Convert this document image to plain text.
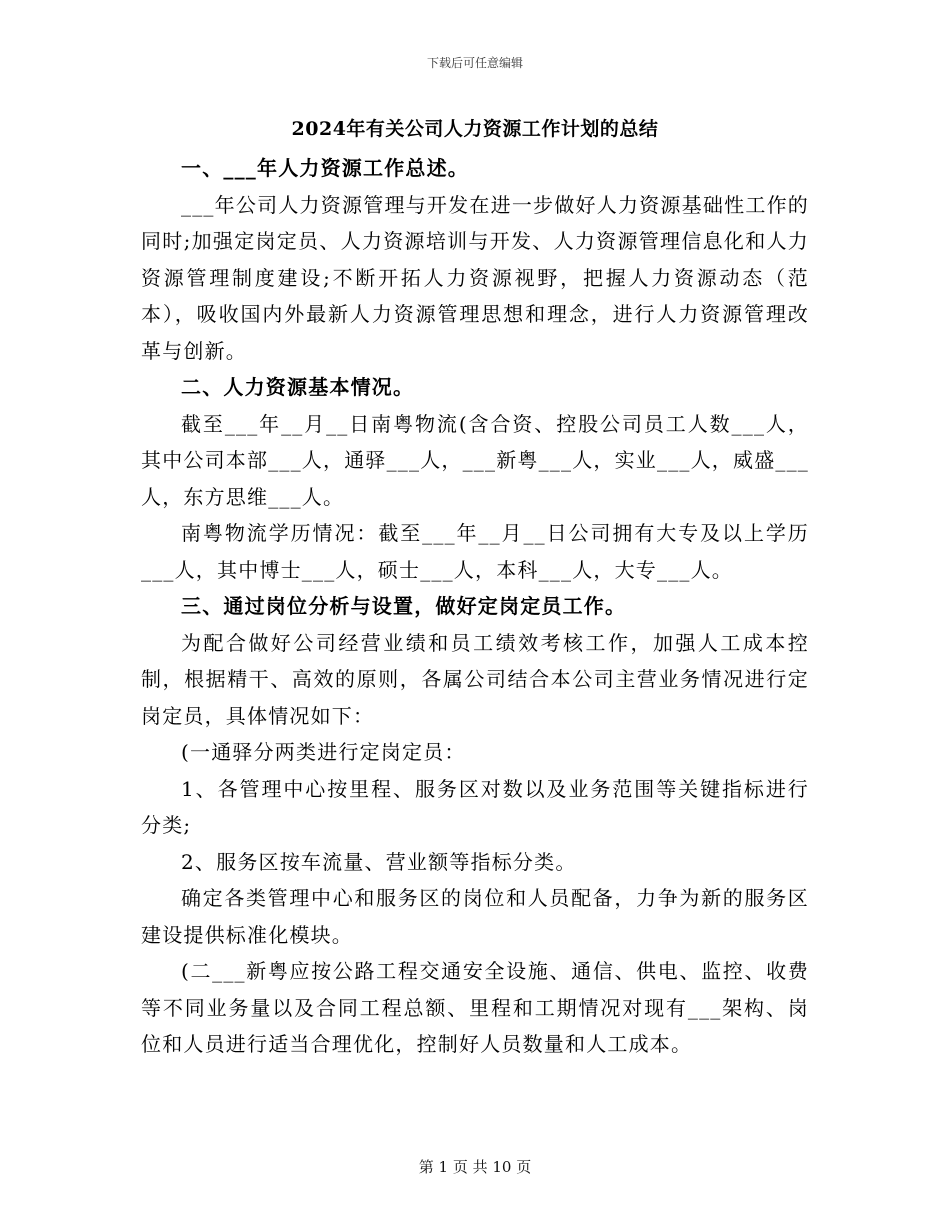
下载后可任意编辑
2024年有关公司人力资源工作计划的总结

一、___年人力资源工作总述。

___年公司人力资源管理与开发在进一步做好人力资源基础性工作的同时;加强定岗定员、人力资源培训与开发、人力资源管理信息化和人力资源管理制度建设;不断开拓人力资源视野，把握人力资源动态（范本），吸收国内外最新人力资源管理思想和理念，进行人力资源管理改革与创新。

二、人力资源基本情况。

截至___年__月__日南粤物流(含合资、控股公司员工人数___人，其中公司本部___人，通驿___人，___新粤___人，实业___人，威盛___人，东方思维___人。

南粤物流学历情况：截至___年__月__日公司拥有大专及以上学历___人，其中博士___人，硕士___人，本科___人，大专___人。

三、通过岗位分析与设置，做好定岗定员工作。

为配合做好公司经营业绩和员工绩效考核工作，加强人工成本控制，根据精干、高效的原则，各属公司结合本公司主营业务情况进行定岗定员，具体情况如下：

(一通驿分两类进行定岗定员：

1、各管理中心按里程、服务区对数以及业务范围等关键指标进行分类;

2、服务区按车流量、营业额等指标分类。

确定各类管理中心和服务区的岗位和人员配备，力争为新的服务区建设提供标准化模块。

(二___新粤应按公路工程交通安全设施、通信、供电、监控、收费等不同业务量以及合同工程总额、里程和工期情况对现有___架构、岗位和人员进行适当合理优化，控制好人员数量和人工成本。

第 1 页 共 10 页
